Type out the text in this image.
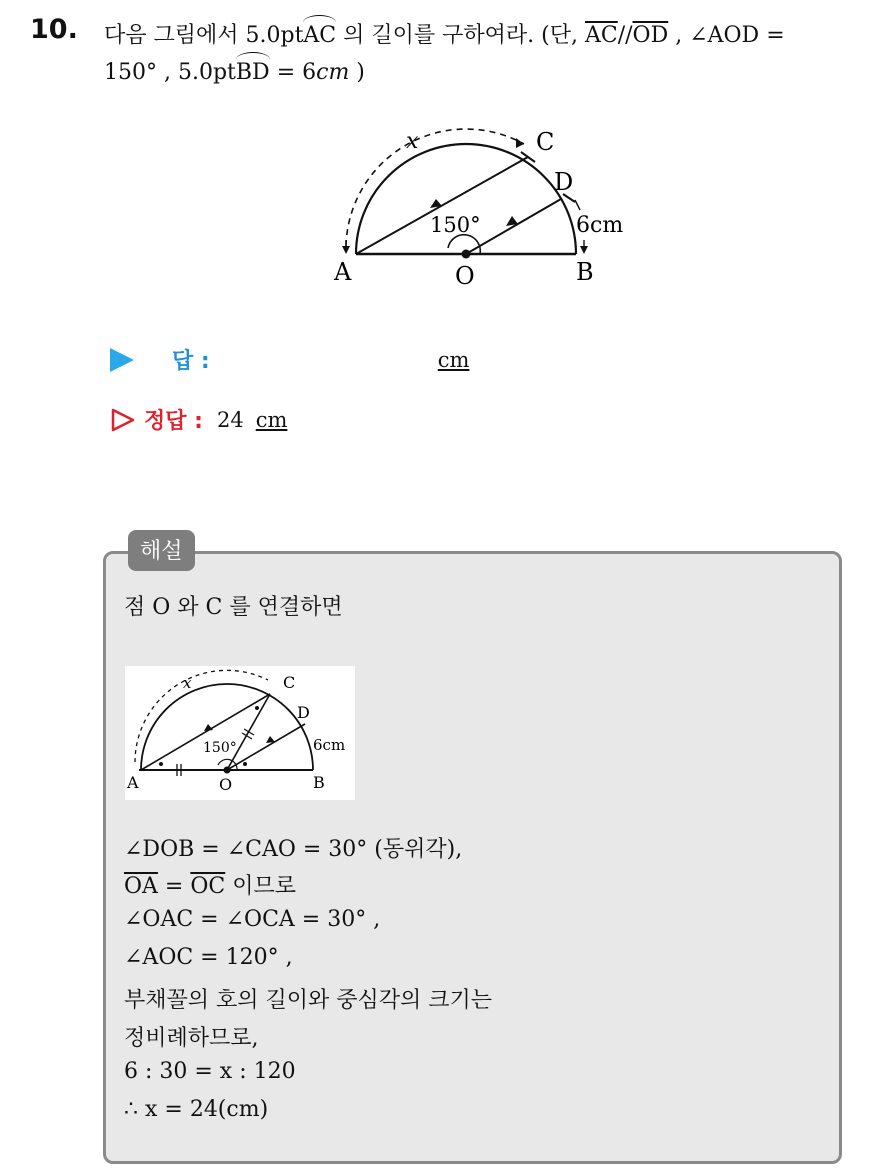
10. 다음 그림에서 5.0ptAC 의 길이를 구하여라. (단, $\overline{AC}//\overline{OD}$ , ∠AOD =
150° , 5.0ptBD = 6cm )
x	C
D
150°	6cm
A	O	B
답 :	cm
정답 : 24 cm
해설
점 O 와 C 를 연결하면
x	C
D
150°	6cm
A	O	B
∠DOB = ∠CAO = 30° (동위각),
$\overline{OA} = \overline{OC}$ 이므로
∠OAC = ∠OCA = 30° ,
∠AOC = 120° ,
부채꼴의 호의 길이와 중심각의 크기는
정비례하므로,
6 : 30 = x : 120
∴ x = 24(cm)
